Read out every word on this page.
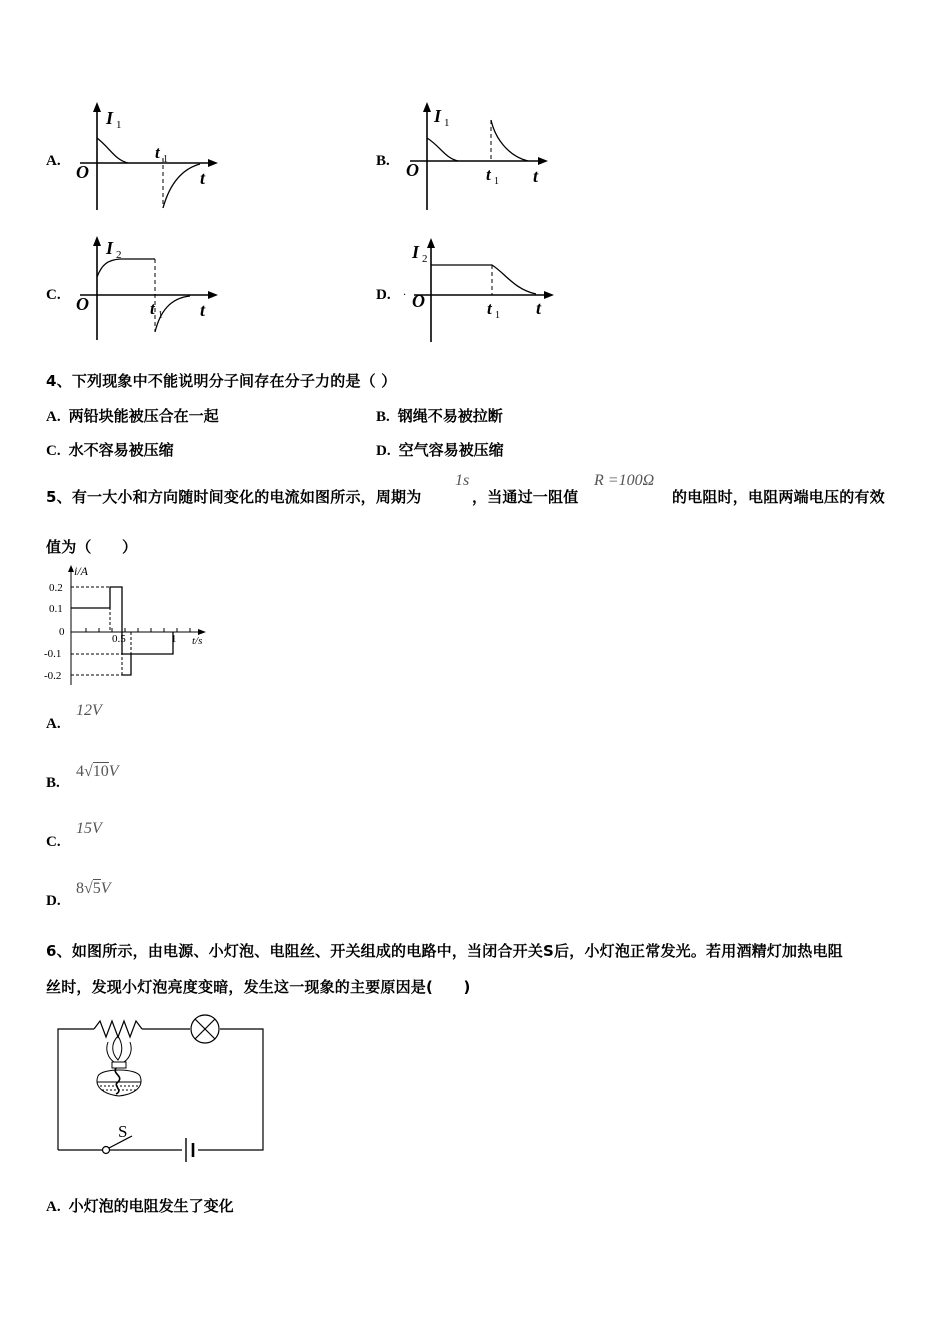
A.
I 1
O
t 1
t
B.
I 1
O	t 1 t
C.
I 2
O	t 1 t
D. ·
I 2
O	t 1 t
4、下列现象中不能说明分子间存在分子力的是（ ）
A. 两铅块能被压合在一起	B. 钢绳不易被拉断
C. 水不容易被压缩	D. 空气容易被压缩
5、有一大小和方向随时间变化的电流如图所示，周期为
1s
，当通过一阻值
R =100Ω
的电阻时，电阻两端电压的有效
值为（　　）
i/A
t/s
0.2
0.1
0
-0.1
-0.2
0.5	1
A.
12V
B.
4√10V
C.
15V
D.
8√5V
6、如图所示，由电源、小灯泡、电阻丝、开关组成的电路中，当闭合开关S后，小灯泡正常发光。若用酒精灯加热电阻
丝时，发现小灯泡亮度变暗，发生这一现象的主要原因是(　　)
S
A. 小灯泡的电阻发生了变化
